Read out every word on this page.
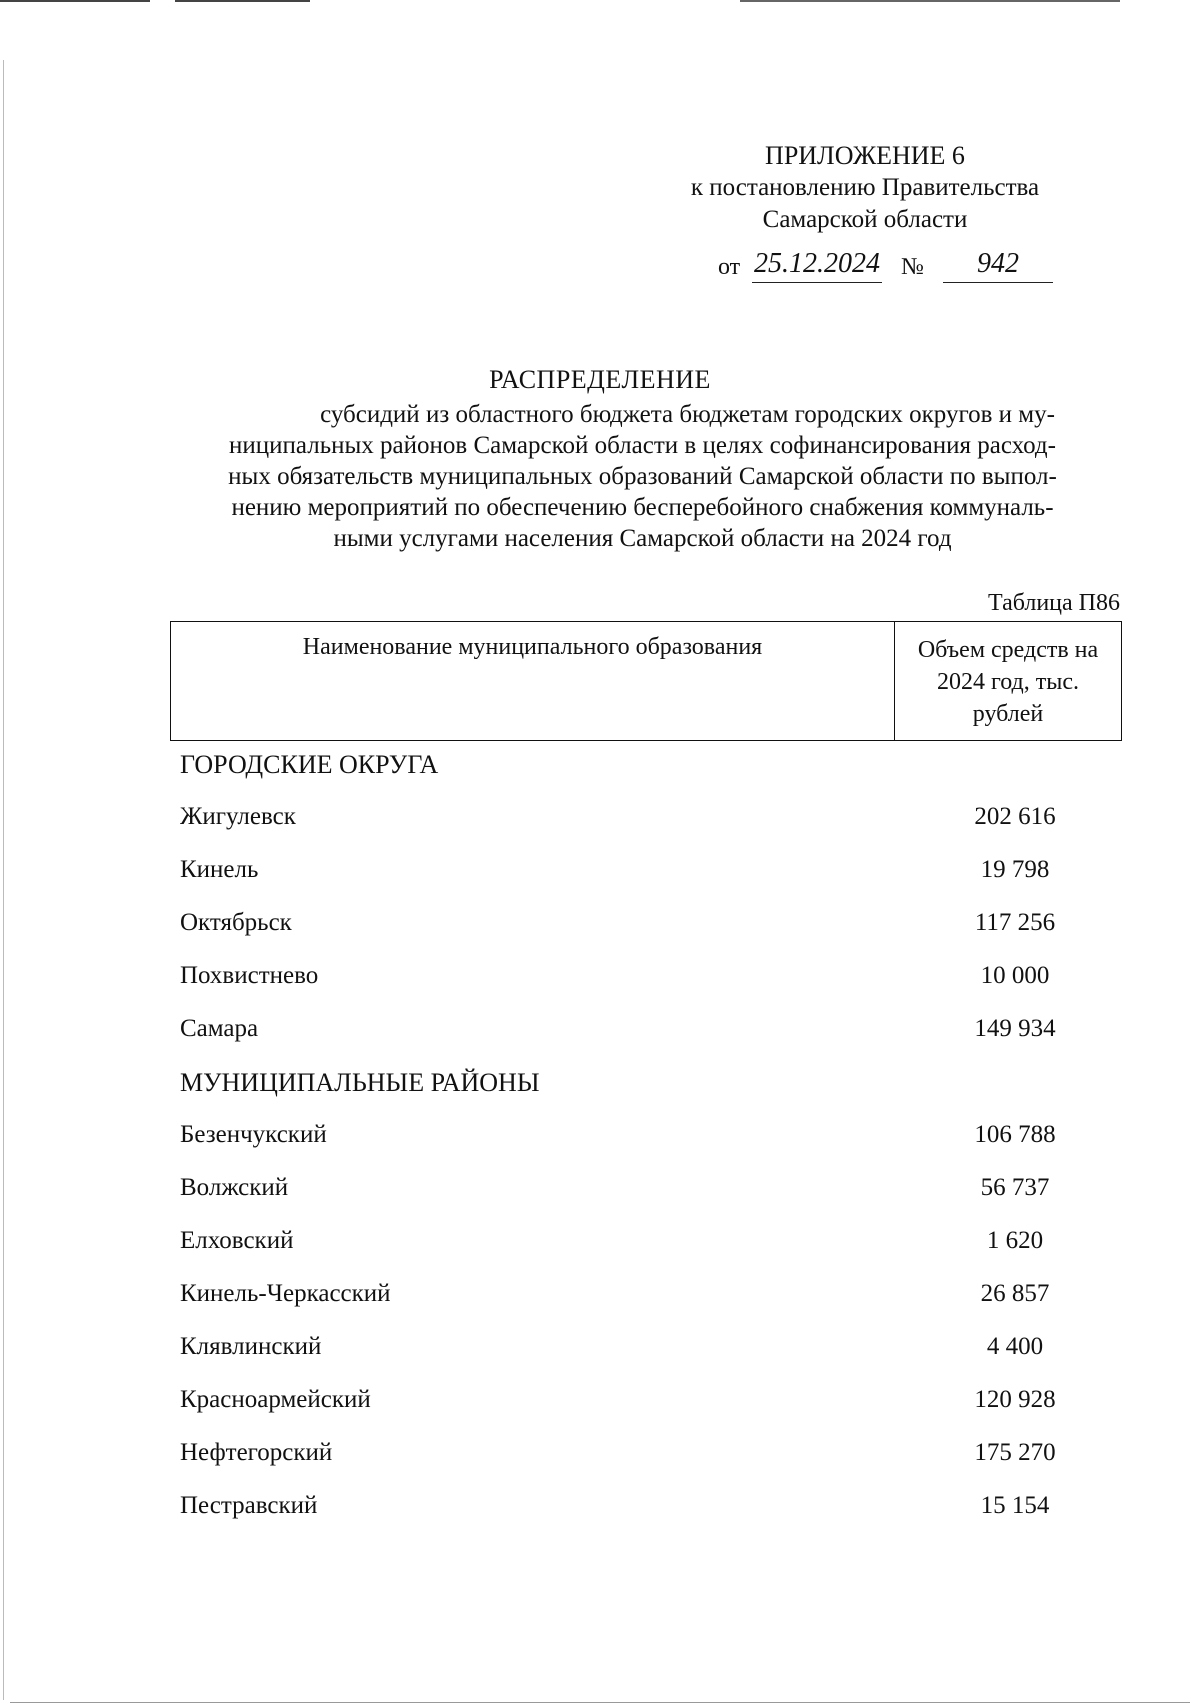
ПРИЛОЖЕНИЕ 6
к постановлению Правительства
Самарской области
от 25.12.2024 №	942
РАСПРЕДЕЛЕНИЕ
субсидий из областного бюджета бюджетам городских округов и му-
ниципальных районов Самарской области в целях софинансирования расход-
ных обязательств муниципальных образований Самарской области по выпол-
нению мероприятий по обеспечению бесперебойного снабжения коммуналь-
ными услугами населения Самарской области на 2024 год
Таблица П86
Наименование муниципального образования	Объем средств на
2024 год, тыс.
рублей
ГОРОДСКИЕ ОКРУГА
Жигулевск	202 616
Кинель	19 798
Октябрьск	117 256
Похвистнево	10 000
Самара	149 934
МУНИЦИПАЛЬНЫЕ РАЙОНЫ
Безенчукский	106 788
Волжский	56 737
Елховский	1 620
Кинель-Черкасский	26 857
Клявлинский	4 400
Красноармейский	120 928
Нефтегорский	175 270
Пестравский	15 154
